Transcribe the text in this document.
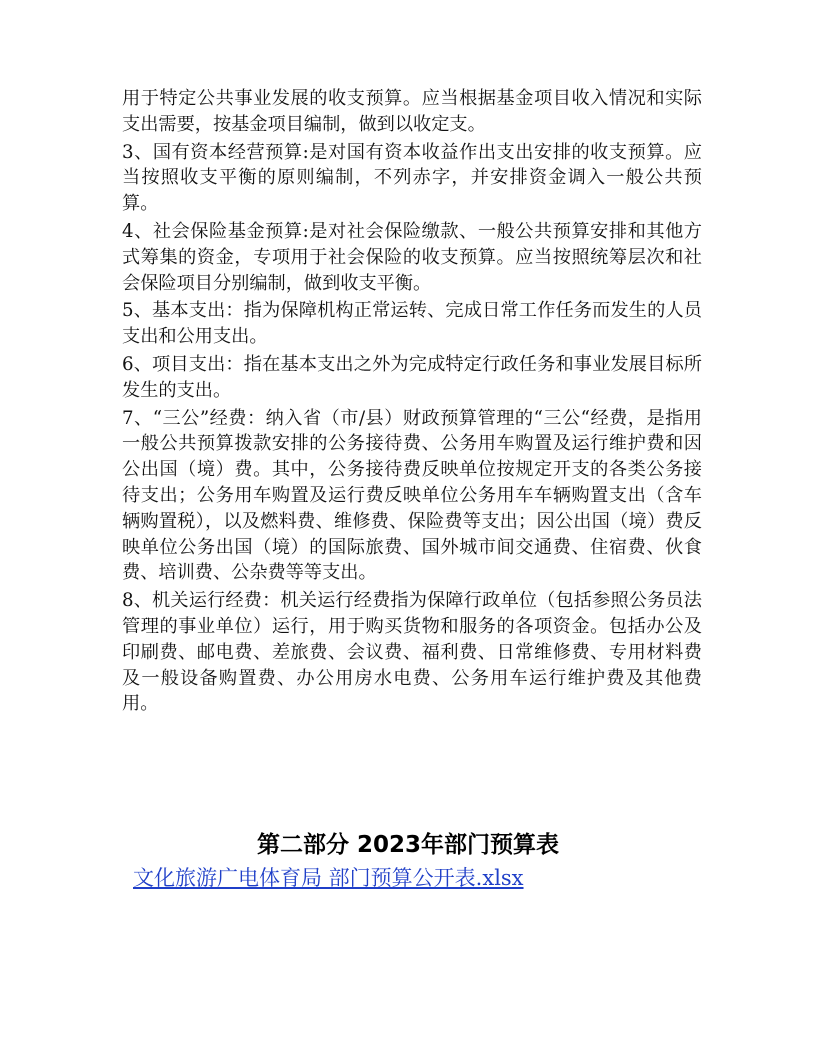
用于特定公共事业发展的收支预算。应当根据基金项目收入情况和实际支出需要，按基金项目编制，做到以收定支。

3、国有资本经营预算:是对国有资本收益作出支出安排的收支预算。应当按照收支平衡的原则编制，不列赤字，并安排资金调入一般公共预算。

4、社会保险基金预算:是对社会保险缴款、一般公共预算安排和其他方式筹集的资金，专项用于社会保险的收支预算。应当按照统筹层次和社会保险项目分别编制，做到收支平衡。

5、基本支出：指为保障机构正常运转、完成日常工作任务而发生的人员支出和公用支出。

6、项目支出：指在基本支出之外为完成特定行政任务和事业发展目标所发生的支出。

7、“三公”经费：纳入省（市/县）财政预算管理的“三公“经费，是指用一般公共预算拨款安排的公务接待费、公务用车购置及运行维护费和因公出国（境）费。其中，公务接待费反映单位按规定开支的各类公务接待支出；公务用车购置及运行费反映单位公务用车车辆购置支出（含车辆购置税），以及燃料费、维修费、保险费等支出；因公出国（境）费反映单位公务出国（境）的国际旅费、国外城市间交通费、住宿费、伙食费、培训费、公杂费等等支出。

8、机关运行经费：机关运行经费指为保障行政单位（包括参照公务员法管理的事业单位）运行，用于购买货物和服务的各项资金。包括办公及印刷费、邮电费、差旅费、会议费、福利费、日常维修费、专用材料费及一般设备购置费、办公用房水电费、公务用车运行维护费及其他费用。

第二部分 2023年部门预算表
文化旅游广电体育局 部门预算公开表.xlsx
